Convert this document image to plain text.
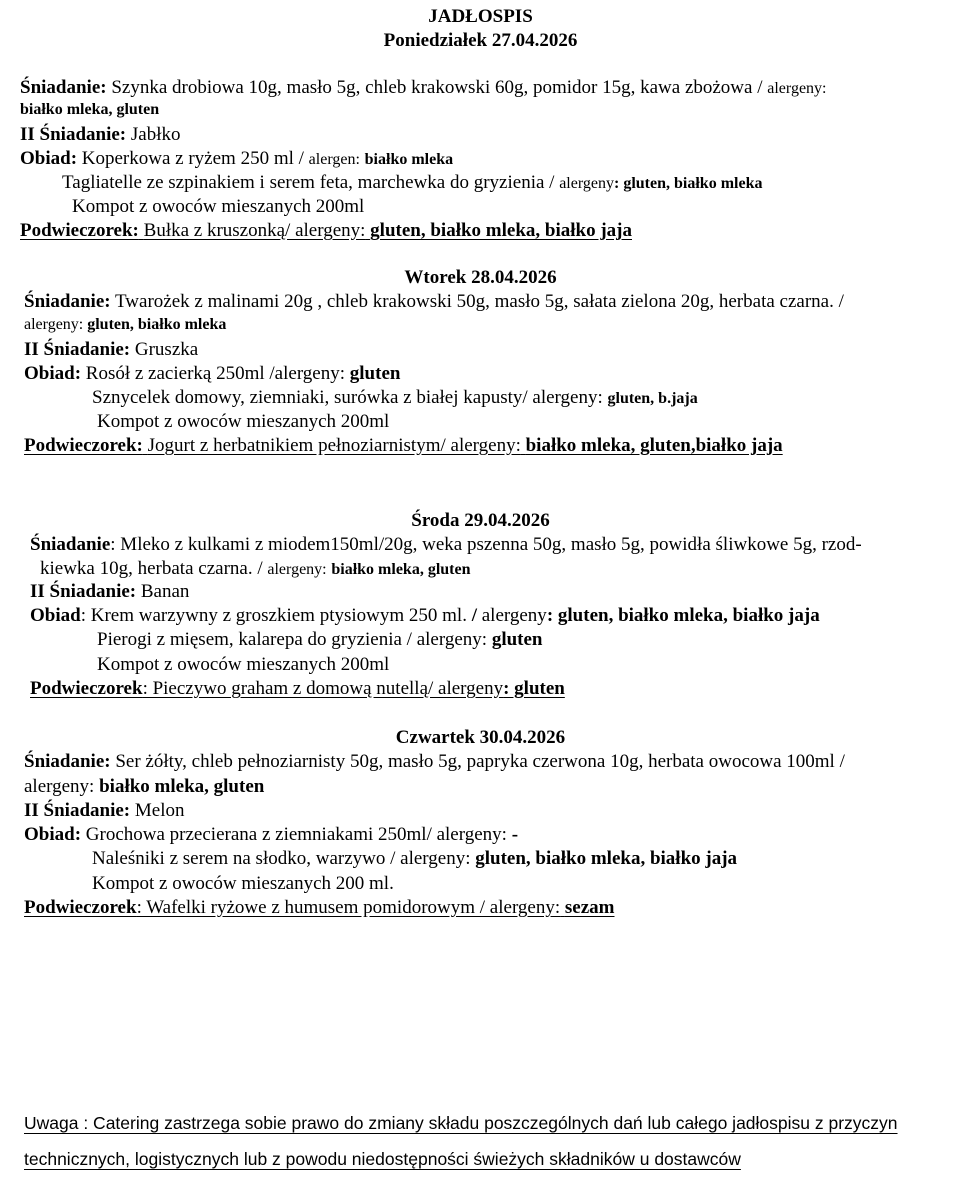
JADŁOSPIS
Poniedziałek 27.04.2026
Śniadanie: Szynka drobiowa 10g, masło 5g, chleb krakowski 60g, pomidor 15g, kawa zbożowa / alergeny:
białko mleka, gluten
II Śniadanie: Jabłko
Obiad: Koperkowa z ryżem 250 ml / alergen: białko mleka
Tagliatelle ze szpinakiem i serem feta, marchewka do gryzienia / alergeny: gluten, białko mleka
Kompot z owoców mieszanych 200ml
Podwieczorek: Bułka z kruszonką/ alergeny: gluten, białko mleka, białko jaja
Wtorek 28.04.2026
Śniadanie: Twarożek z malinami 20g , chleb krakowski 50g, masło 5g, sałata zielona 20g, herbata czarna. /
alergeny: gluten, białko mleka
II Śniadanie: Gruszka
Obiad: Rosół z zacierką 250ml /alergeny: gluten
Sznycelek domowy, ziemniaki, surówka z białej kapusty/ alergeny: gluten, b.jaja
Kompot z owoców mieszanych 200ml
Podwieczorek: Jogurt z herbatnikiem pełnoziarnistym/ alergeny: białko mleka, gluten,białko jaja
Środa 29.04.2026
Śniadanie: Mleko z kulkami z miodem150ml/20g, weka pszenna 50g, masło 5g, powidła śliwkowe 5g, rzod-
kiewka 10g, herbata czarna. / alergeny: białko mleka, gluten
II Śniadanie: Banan
Obiad: Krem warzywny z groszkiem ptysiowym 250 ml. / alergeny: gluten, białko mleka, białko jaja
Pierogi z mięsem, kalarepa do gryzienia / alergeny: gluten
Kompot z owoców mieszanych 200ml
Podwieczorek: Pieczywo graham z domową nutellą/ alergeny: gluten
Czwartek 30.04.2026
Śniadanie: Ser żółty, chleb pełnoziarnisty 50g, masło 5g, papryka czerwona 10g, herbata owocowa 100ml /
alergeny: białko mleka, gluten
II Śniadanie: Melon
Obiad: Grochowa przecierana z ziemniakami 250ml/ alergeny: -
Naleśniki z serem na słodko, warzywo / alergeny: gluten, białko mleka, białko jaja
Kompot z owoców mieszanych 200 ml.
Podwieczorek: Wafelki ryżowe z humusem pomidorowym / alergeny: sezam
Uwaga : Catering zastrzega sobie prawo do zmiany składu poszczególnych dań lub całego jadłospisu z przyczyn
technicznych, logistycznych lub z powodu niedostępności świeżych składników u dostawców
